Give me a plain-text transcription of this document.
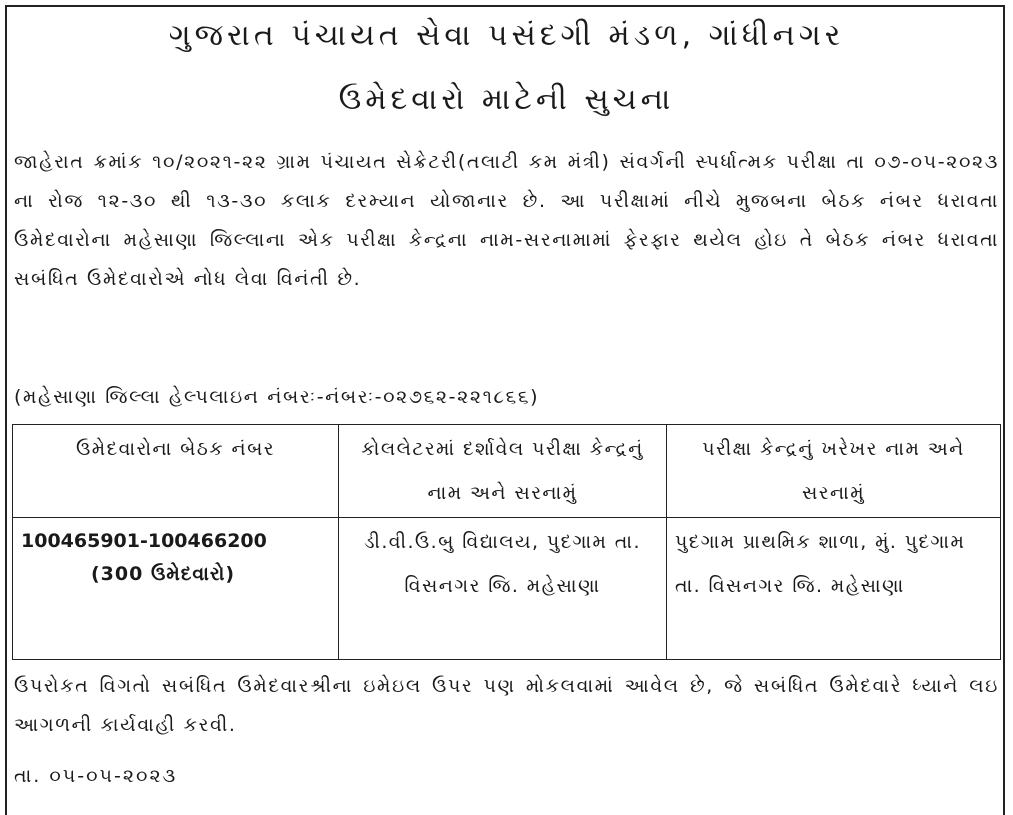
ગુજરાત પંચાયત સેવા પસંદગી મંડળ, ગાંધીનગર
ઉમેદવારો માટેની સુચના
જાહેરાત ક્રમાંક ૧૦/૨૦૨૧-૨૨ ગ્રામ પંચાયત સેક્રેટરી(તલાટી કમ મંત્રી) સંવર્ગની સ્પર્ધાત્મક પરીક્ષા તા ૦૭-૦૫-૨૦૨૩ ના રોજ ૧૨-૩૦ થી ૧૩-૩૦ કલાક દરમ્યાન યોજાનાર છે. આ પરીક્ષામાં નીચે મુજબના બેઠક નંબર ધરાવતા ઉમેદવારોના મહેસાણા જિલ્લાના એક પરીક્ષા કેન્દ્રના નામ-સરનામામાં ફેરફાર થયેલ હોઇ તે બેઠક નંબર ધરાવતા સબંધિત ઉમેદવારોએ નોધ લેવા વિનંતી છે.
(મહેસાણા જિલ્લા હેલ્પલાઇન નંબરઃ-નંબરઃ-૦૨૭૬૨-૨૨૧૮૬૬)
ઉમેદવારોના બેઠક નંબર	કોલલેટરમાં દર્શાવેલ પરીક્ષા કેન્દ્રનું નામ અને સરનામું	પરીક્ષા કેન્દ્રનું ખરેખર નામ અને સરનામું

100465901-100466200
(300 ઉમેદવારો)	ડી.વી.ઉ.બુ વિદ્યાલય, પુદગામ તા. વિસનગર જિ. મહેસાણા	પુદગામ પ્રાથમિક શાળા, મું. પુદગામ તા. વિસનગર જિ. મહેસાણા
ઉપરોકત વિગતો સબંધિત ઉમેદવારશ્રીના ઇમેઇલ ઉપર પણ મોકલવામાં આવેલ છે, જે સબંધિત ઉમેદવારે ધ્યાને લઇ આગળની કાર્યવાહી કરવી.
તા. ૦૫-૦૫-૨૦૨૩
